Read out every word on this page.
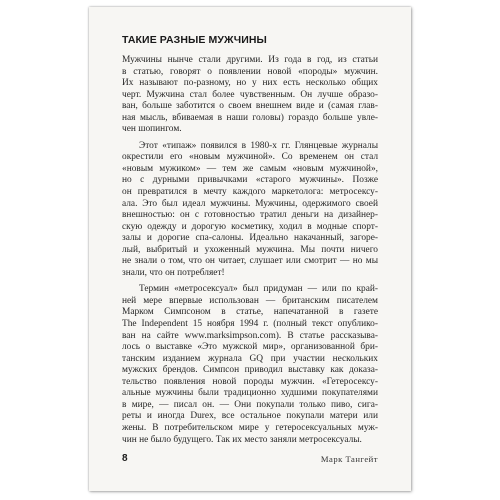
ТАКИЕ РАЗНЫЕ МУЖЧИНЫ
Мужчины нынче стали другими. Из года в год, из статьи
в статью, говорят о появлении новой «породы» мужчин.
Их называют по-разному, но у них есть несколько общих
черт. Мужчина стал более чувственным. Он лучше образо-
ван, больше заботится о своем внешнем виде и (самая глав-
ная мысль, вбиваемая в наши головы) гораздо больше увле-
чен шопингом.
Этот «типаж» появился в 1980-х гг. Глянцевые журналы
окрестили его «новым мужчиной». Со временем он стал
«новым мужиком» — тем же самым «новым мужчиной»,
но с дурными привычками «старого мужчины». Позже
он превратился в мечту каждого маркетолога: метросексу-
ала. Это был идеал мужчины. Мужчины, одержимого своей
внешностью: он с готовностью тратил деньги на дизайнер-
скую одежду и дорогую косметику, ходил в модные спорт-
залы и дорогие спа-салоны. Идеально накачанный, загоре-
лый, выбритый и ухоженный мужчина. Мы почти ничего
не знали о том, что он читает, слушает или смотрит — но мы
знали, что он потребляет!
Термин «метросексуал» был придуман — или по край-
ней мере впервые использован — британским писателем
Марком Симпсоном в статье, напечатанной в газете
The Independent 15 ноября 1994 г. (полный текст опублико-
ван на сайте www.marksimpson.com). В статье рассказыва-
лось о выставке «Это мужской мир», организованной бри-
танским изданием журнала GQ при участии нескольких
мужских брендов. Симпсон приводил выставку как доказа-
тельство появления новой породы мужчин. «Гетеросексу-
альные мужчины были традиционно худшими покупателями
в мире, — писал он. — Они покупали только пиво, сига-
реты и иногда Durex, все остальное покупали матери или
жены. В потребительском мире у гетеросексуальных муж-
чин не было будущего. Так их место заняли метросексуалы.
8	Марк Тангейт
